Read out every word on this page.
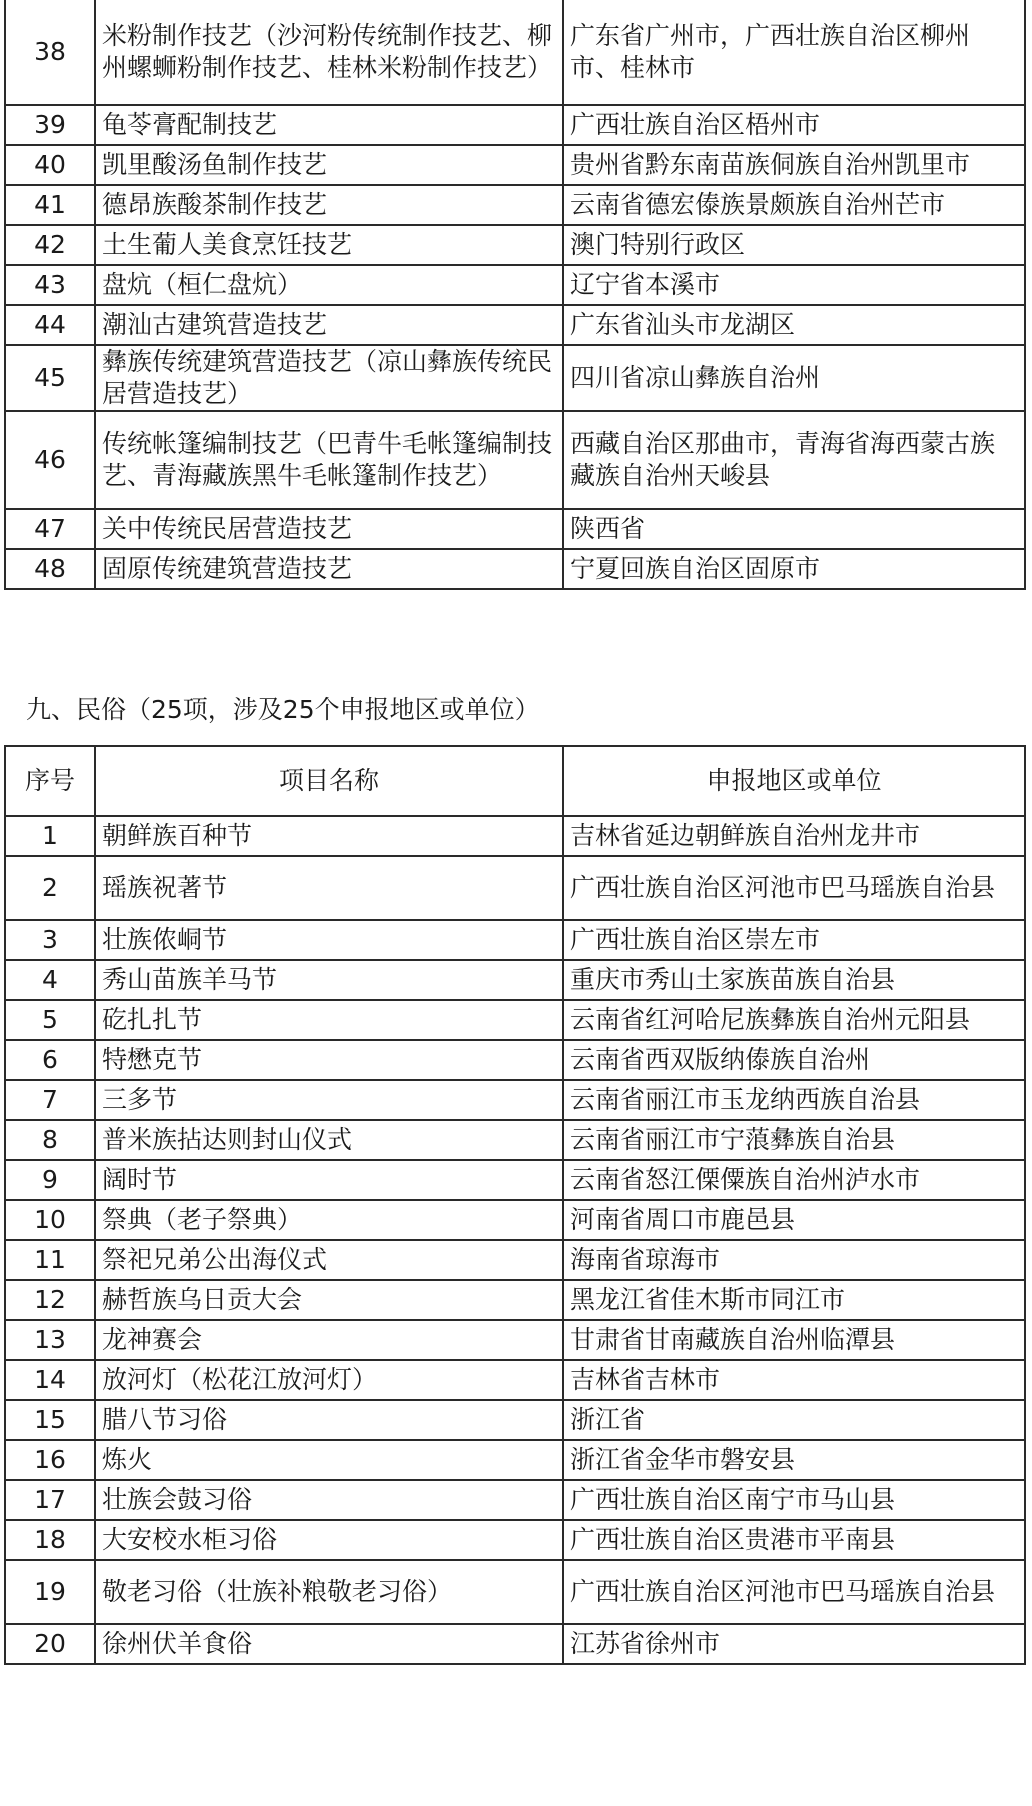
38	米粉制作技艺（沙河粉传统制作技艺、柳州螺蛳粉制作技艺、桂林米粉制作技艺）	广东省广州市，广西壮族自治区柳州市、桂林市
39	龟苓膏配制技艺	广西壮族自治区梧州市
40	凯里酸汤鱼制作技艺	贵州省黔东南苗族侗族自治州凯里市
41	德昂族酸茶制作技艺	云南省德宏傣族景颇族自治州芒市
42	土生葡人美食烹饪技艺	澳门特别行政区
43	盘炕（桓仁盘炕）	辽宁省本溪市
44	潮汕古建筑营造技艺	广东省汕头市龙湖区
45	彝族传统建筑营造技艺（凉山彝族传统民居营造技艺）	四川省凉山彝族自治州
46	传统帐篷编制技艺（巴青牛毛帐篷编制技艺、青海藏族黑牛毛帐篷制作技艺）	西藏自治区那曲市，青海省海西蒙古族藏族自治州天峻县
47	关中传统民居营造技艺	陕西省
48	固原传统建筑营造技艺	宁夏回族自治区固原市
九、民俗（25项，涉及25个申报地区或单位）
序号	项目名称	申报地区或单位
1	朝鲜族百种节	吉林省延边朝鲜族自治州龙井市
2	瑶族祝著节	广西壮族自治区河池市巴马瑶族自治县
3	壮族侬峒节	广西壮族自治区崇左市
4	秀山苗族羊马节	重庆市秀山土家族苗族自治县
5	矻扎扎节	云南省红河哈尼族彝族自治州元阳县
6	特懋克节	云南省西双版纳傣族自治州
7	三多节	云南省丽江市玉龙纳西族自治县
8	普米族拈达则封山仪式	云南省丽江市宁蒗彝族自治县
9	阔时节	云南省怒江傈僳族自治州泸水市
10	祭典（老子祭典）	河南省周口市鹿邑县
11	祭祀兄弟公出海仪式	海南省琼海市
12	赫哲族乌日贡大会	黑龙江省佳木斯市同江市
13	龙神赛会	甘肃省甘南藏族自治州临潭县
14	放河灯（松花江放河灯）	吉林省吉林市
15	腊八节习俗	浙江省
16	炼火	浙江省金华市磐安县
17	壮族会鼓习俗	广西壮族自治区南宁市马山县
18	大安校水柜习俗	广西壮族自治区贵港市平南县
19	敬老习俗（壮族补粮敬老习俗）	广西壮族自治区河池市巴马瑶族自治县
20	徐州伏羊食俗	江苏省徐州市
